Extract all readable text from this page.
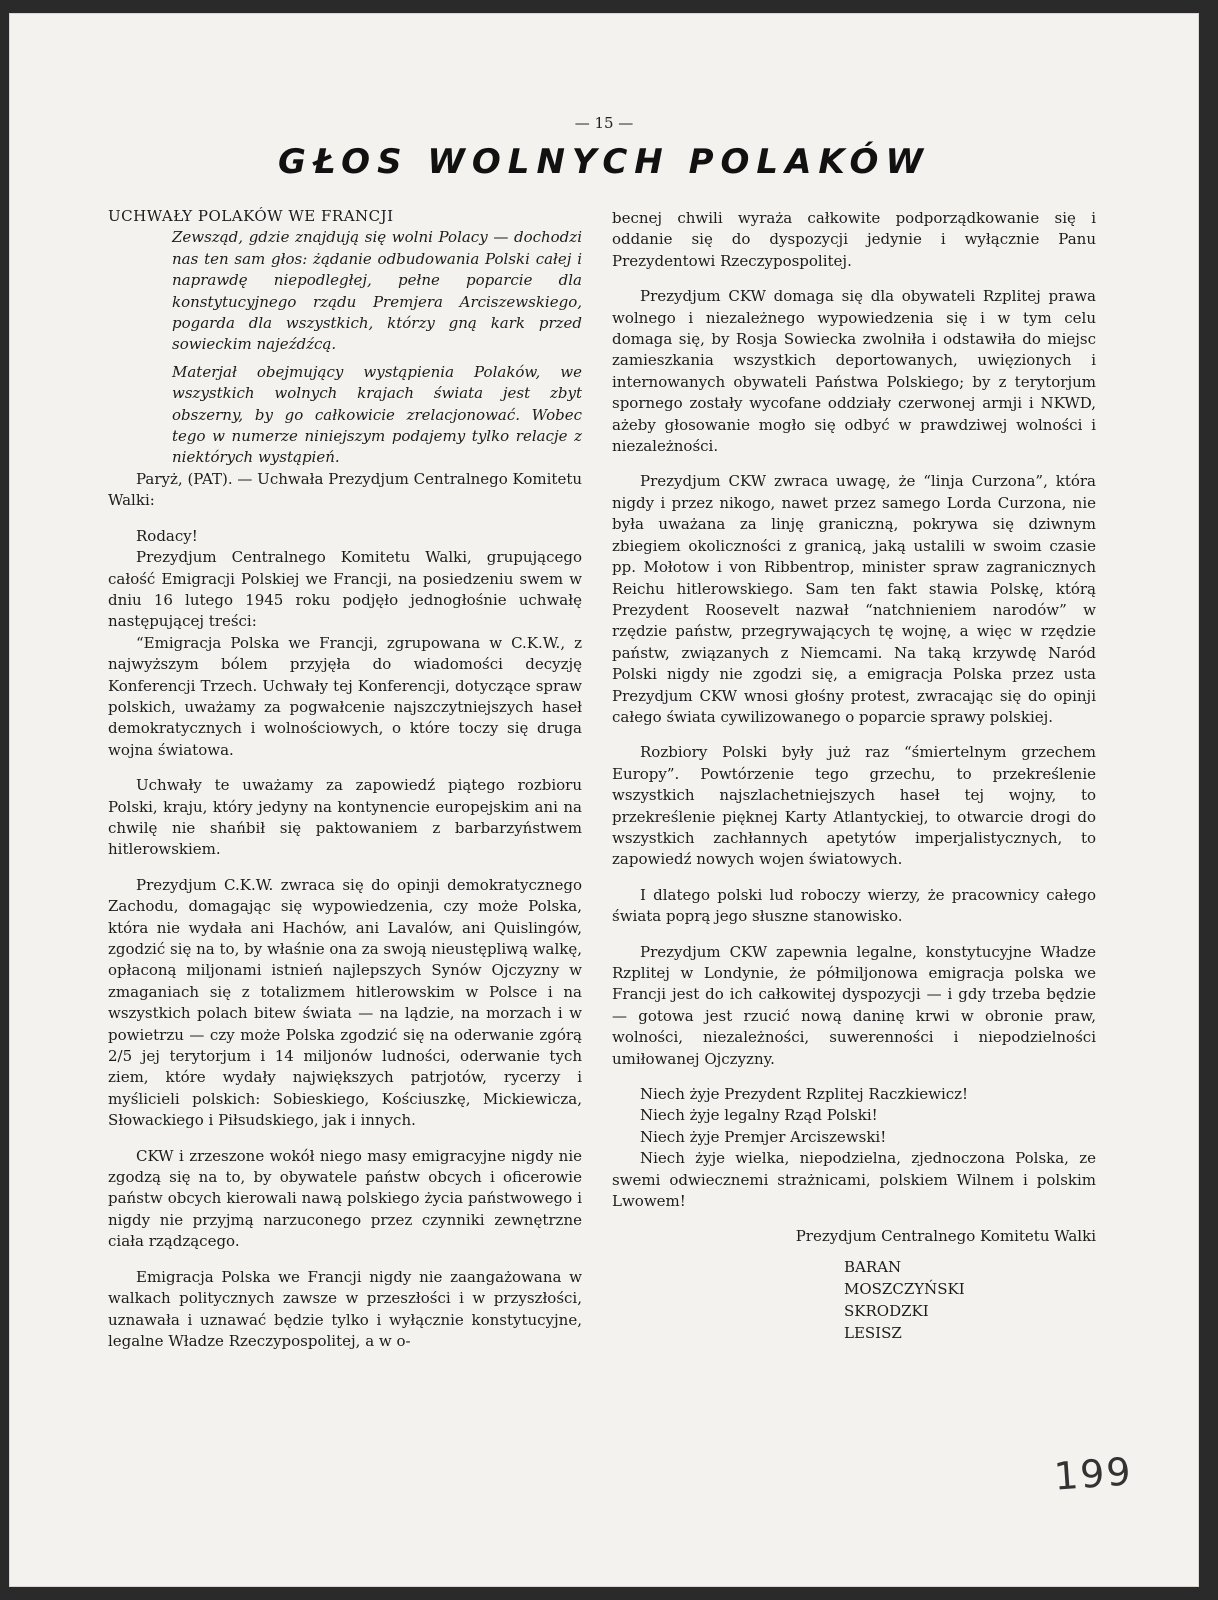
— 15 —
GŁOS WOLNYCH POLAKÓW

UCHWAŁY POLAKÓW WE FRANCJI

Zewsząd, gdzie znajdują się wolni Polacy — dochodzi nas ten sam głos: żądanie odbudowania Polski całej i naprawdę niepodległej, pełne poparcie dla konstytucyjnego rządu Premjera Arciszewskiego, pogarda dla wszystkich, którzy gną kark przed sowieckim najeźdźcą.

Materjał obejmujący wystąpienia Polaków, we wszystkich wolnych krajach świata jest zbyt obszerny, by go całkowicie zrelacjonować. Wobec tego w numerze niniejszym podajemy tylko relacje z niektórych wystąpień.

Paryż, (PAT). — Uchwała Prezydjum Centralnego Komitetu Walki:

Rodacy!

Prezydjum Centralnego Komitetu Walki, grupującego całość Emigracji Polskiej we Francji, na posiedzeniu swem w dniu 16 lutego 1945 roku podjęło jednogłośnie uchwałę następującej treści:

“Emigracja Polska we Francji, zgrupowana w C.K.W., z najwyższym bólem przyjęła do wiadomości decyzję Konferencji Trzech. Uchwały tej Konferencji, dotyczące spraw polskich, uważamy za pogwałcenie najszczytniejszych haseł demokratycznych i wolnościowych, o które toczy się druga wojna światowa.

Uchwały te uważamy za zapowiedź piątego rozbioru Polski, kraju, który jedyny na kontynencie europejskim ani na chwilę nie shańbił się paktowaniem z barbarzyństwem hitlerowskiem.

Prezydjum C.K.W. zwraca się do opinji demokratycznego Zachodu, domagając się wypowiedzenia, czy może Polska, która nie wydała ani Hachów, ani Lavalów, ani Quislingów, zgodzić się na to, by właśnie ona za swoją nieustępliwą walkę, opłaconą miljonami istnień najlepszych Synów Ojczyzny w zmaganiach się z totalizmem hitlerowskim w Polsce i na wszystkich polach bitew świata — na lądzie, na morzach i w powietrzu — czy może Polska zgodzić się na oderwanie zgórą 2/5 jej terytorjum i 14 miljonów ludności, oderwanie tych ziem, które wydały największych patrjotów, rycerzy i myślicieli polskich: Sobieskiego, Kościuszkę, Mickiewicza, Słowackiego i Piłsudskiego, jak i innych.

CKW i zrzeszone wokół niego masy emigracyjne nigdy nie zgodzą się na to, by obywatele państw obcych i oficerowie państw obcych kierowali nawą polskiego życia państwowego i nigdy nie przyjmą narzuconego przez czynniki zewnętrzne ciała rządzącego.

Emigracja Polska we Francji nigdy nie zaangażowana w walkach politycznych zawsze w przeszłości i w przyszłości, uznawała i uznawać będzie tylko i wyłącznie konstytucyjne, legalne Władze Rzeczypospolitej, a w o-

becnej chwili wyraża całkowite podporządkowanie się i oddanie się do dyspozycji jedynie i wyłącznie Panu Prezydentowi Rzeczypospolitej.

Prezydjum CKW domaga się dla obywateli Rzplitej prawa wolnego i niezależnego wypowiedzenia się i w tym celu domaga się, by Rosja Sowiecka zwolniła i odstawiła do miejsc zamieszkania wszystkich deportowanych, uwięzionych i internowanych obywateli Państwa Polskiego; by z terytorjum spornego zostały wycofane oddziały czerwonej armji i NKWD, ażeby głosowanie mogło się odbyć w prawdziwej wolności i niezależności.

Prezydjum CKW zwraca uwagę, że “linja Curzona”, która nigdy i przez nikogo, nawet przez samego Lorda Curzona, nie była uważana za linję graniczną, pokrywa się dziwnym zbiegiem okoliczności z granicą, jaką ustalili w swoim czasie pp. Mołotow i von Ribbentrop, minister spraw zagranicznych Reichu hitlerowskiego. Sam ten fakt stawia Polskę, którą Prezydent Roosevelt nazwał “natchnieniem narodów” w rzędzie państw, przegrywających tę wojnę, a więc w rzędzie państw, związanych z Niemcami. Na taką krzywdę Naród Polski nigdy nie zgodzi się, a emigracja Polska przez usta Prezydjum CKW wnosi głośny protest, zwracając się do opinji całego świata cywilizowanego o poparcie sprawy polskiej.

Rozbiory Polski były już raz “śmiertelnym grzechem Europy”. Powtórzenie tego grzechu, to przekreślenie wszystkich najszlachetniejszych haseł tej wojny, to przekreślenie pięknej Karty Atlantyckiej, to otwarcie drogi do wszystkich zachłannych apetytów imperjalistycznych, to zapowiedź nowych wojen światowych.

I dlatego polski lud roboczy wierzy, że pracownicy całego świata poprą jego słuszne stanowisko.

Prezydjum CKW zapewnia legalne, konstytucyjne Władze Rzplitej w Londynie, że półmiljonowa emigracja polska we Francji jest do ich całkowitej dyspozycji — i gdy trzeba będzie — gotowa jest rzucić nową daninę krwi w obronie praw, wolności, niezależności, suwerenności i niepodzielności umiłowanej Ojczyzny.

Niech żyje Prezydent Rzplitej Raczkiewicz!

Niech żyje legalny Rząd Polski!

Niech żyje Premjer Arciszewski!

Niech żyje wielka, niepodzielna, zjednoczona Polska, ze swemi odwiecznemi strażnicami, polskiem Wilnem i polskim Lwowem!

Prezydjum Centralnego Komitetu Walki

BARAN
MOSZCZYŃSKI
SKRODZKI
LESISZ
199
